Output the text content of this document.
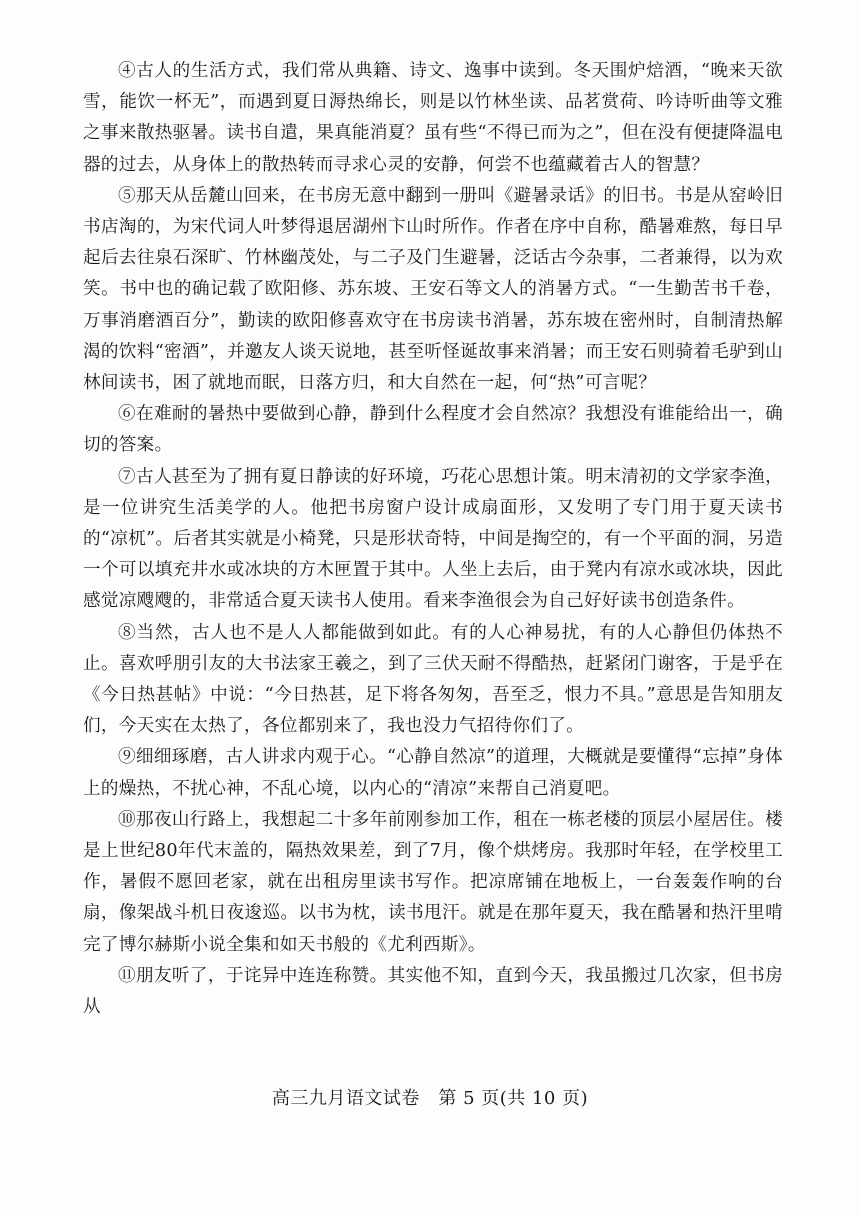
④古人的生活方式，我们常从典籍、诗文、逸事中读到。冬天围炉焙酒，“晚来天欲雪，能饮一杯无”，而遇到夏日溽热绵长，则是以竹林坐读、品茗赏荷、吟诗听曲等文雅之事来散热驱暑。读书自遣，果真能消夏？虽有些“不得已而为之”，但在没有便捷降温电器的过去，从身体上的散热转而寻求心灵的安静，何尝不也蕴藏着古人的智慧？

⑤那天从岳麓山回来，在书房无意中翻到一册叫《避暑录话》的旧书。书是从窑岭旧书店淘的，为宋代词人叶梦得退居湖州卞山时所作。作者在序中自称，酷暑难熬，每日早起后去往泉石深旷、竹林幽茂处，与二子及门生避暑，泛话古今杂事，二者兼得，以为欢笑。书中也的确记载了欧阳修、苏东坡、王安石等文人的消暑方式。“一生勤苦书千卷，万事消磨酒百分”，勤读的欧阳修喜欢守在书房读书消暑，苏东坡在密州时，自制清热解渴的饮料“密酒”，并邀友人谈天说地，甚至听怪诞故事来消暑；而王安石则骑着毛驴到山林间读书，困了就地而眠，日落方归，和大自然在一起，何“热”可言呢？

⑥在难耐的暑热中要做到心静，静到什么程度才会自然凉？我想没有谁能给出一，确切的答案。

⑦古人甚至为了拥有夏日静读的好环境，巧花心思想计策。明末清初的文学家李渔，是一位讲究生活美学的人。他把书房窗户设计成扇面形，又发明了专门用于夏天读书的“凉杌”。后者其实就是小椅凳，只是形状奇特，中间是掏空的，有一个平面的洞，另造一个可以填充井水或冰块的方木匣置于其中。人坐上去后，由于凳内有凉水或冰块，因此感觉凉飕飕的，非常适合夏天读书人使用。看来李渔很会为自己好好读书创造条件。

⑧当然，古人也不是人人都能做到如此。有的人心神易扰，有的人心静但仍体热不止。喜欢呼朋引友的大书法家王羲之，到了三伏天耐不得酷热，赶紧闭门谢客，于是乎在《今日热甚帖》中说：“今日热甚，足下将各匆匆，吾至乏，恨力不具。”意思是告知朋友们，今天实在太热了，各位都别来了，我也没力气招待你们了。

⑨细细琢磨，古人讲求内观于心。“心静自然凉”的道理，大概就是要懂得“忘掉”身体上的燥热，不扰心神，不乱心境，以内心的“清凉”来帮自己消夏吧。

⑩那夜山行路上，我想起二十多年前刚参加工作，租在一栋老楼的顶层小屋居住。楼是上世纪80年代末盖的，隔热效果差，到了7月，像个烘烤房。我那时年轻，在学校里工作，暑假不愿回老家，就在出租房里读书写作。把凉席铺在地板上，一台轰轰作响的台扇，像架战斗机日夜逡巡。以书为枕，读书甩汗。就是在那年夏天，我在酷暑和热汗里啃完了博尔赫斯小说全集和如天书般的《尤利西斯》。

⑪朋友听了，于诧异中连连称赞。其实他不知，直到今天，我虽搬过几次家，但书房从

高三九月语文试卷　第 5 页(共 10 页)
